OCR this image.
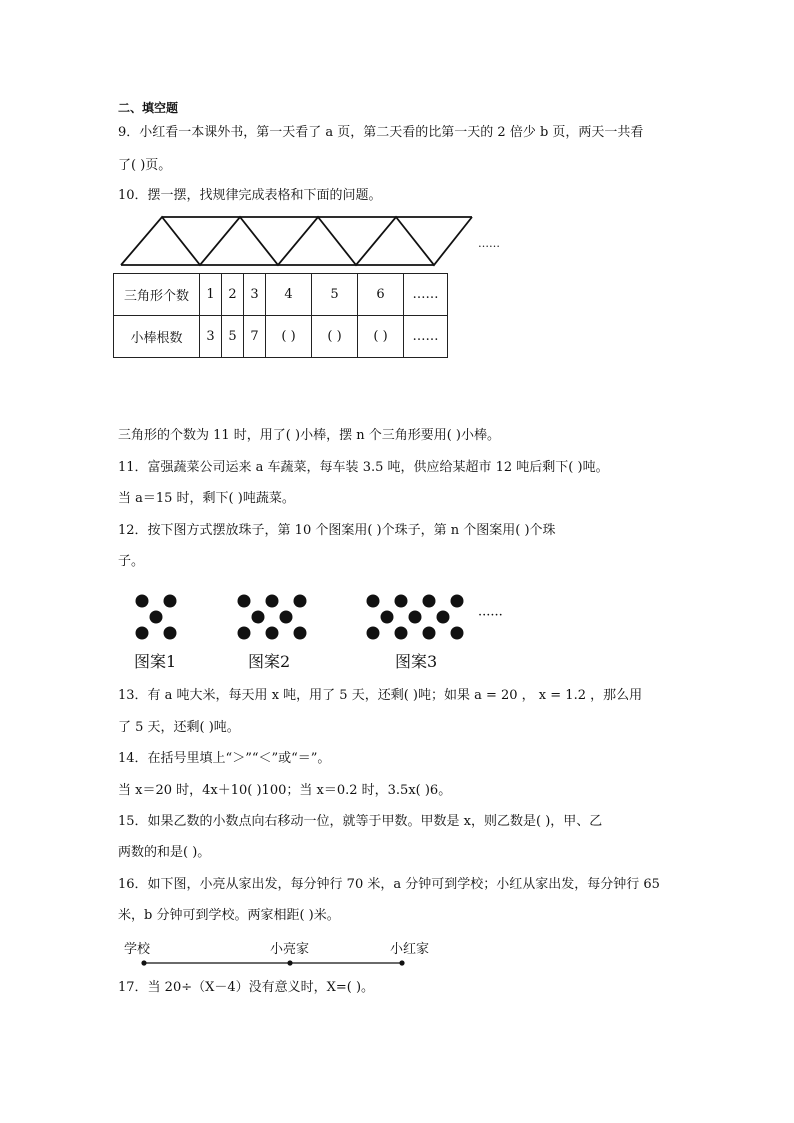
二、填空题
9．小红看一本课外书，第一天看了 a 页，第二天看的比第一天的 2 倍少 b 页，两天一共看
了( )页。
10．摆一摆，找规律完成表格和下面的问题。
……
三角形个数	1	2	3	4	5	6	……
小棒根数	3	5	7	( )	( )	( )	……
三角形的个数为 11 时，用了( )小棒，摆 n 个三角形要用( )小棒。
11．富强蔬菜公司运来 a 车蔬菜，每车装 3.5 吨，供应给某超市 12 吨后剩下( )吨。
当 a＝15 时，剩下( )吨蔬菜。
12．按下图方式摆放珠子，第 10 个图案用( )个珠子，第 n 个图案用( )个珠
子。
······
图案1	图案2	图案3
13．有 a 吨大米，每天用 x 吨，用了 5 天，还剩( )吨；如果 a = 20 ， x = 1.2 ，那么用
了 5 天，还剩( )吨。
14．在括号里填上“＞”“＜”或“＝”。
当 x＝20 时，4x＋10( )100；当 x＝0.2 时，3.5x( )6。
15．如果乙数的小数点向右移动一位，就等于甲数。甲数是 x，则乙数是( )，甲、乙
两数的和是( )。
16．如下图，小亮从家出发，每分钟行 70 米，a 分钟可到学校；小红从家出发，每分钟行 65
米，b 分钟可到学校。两家相距( )米。
学校	小亮家	小红家
17．当 20÷（X－4）没有意义时，X=( )。
